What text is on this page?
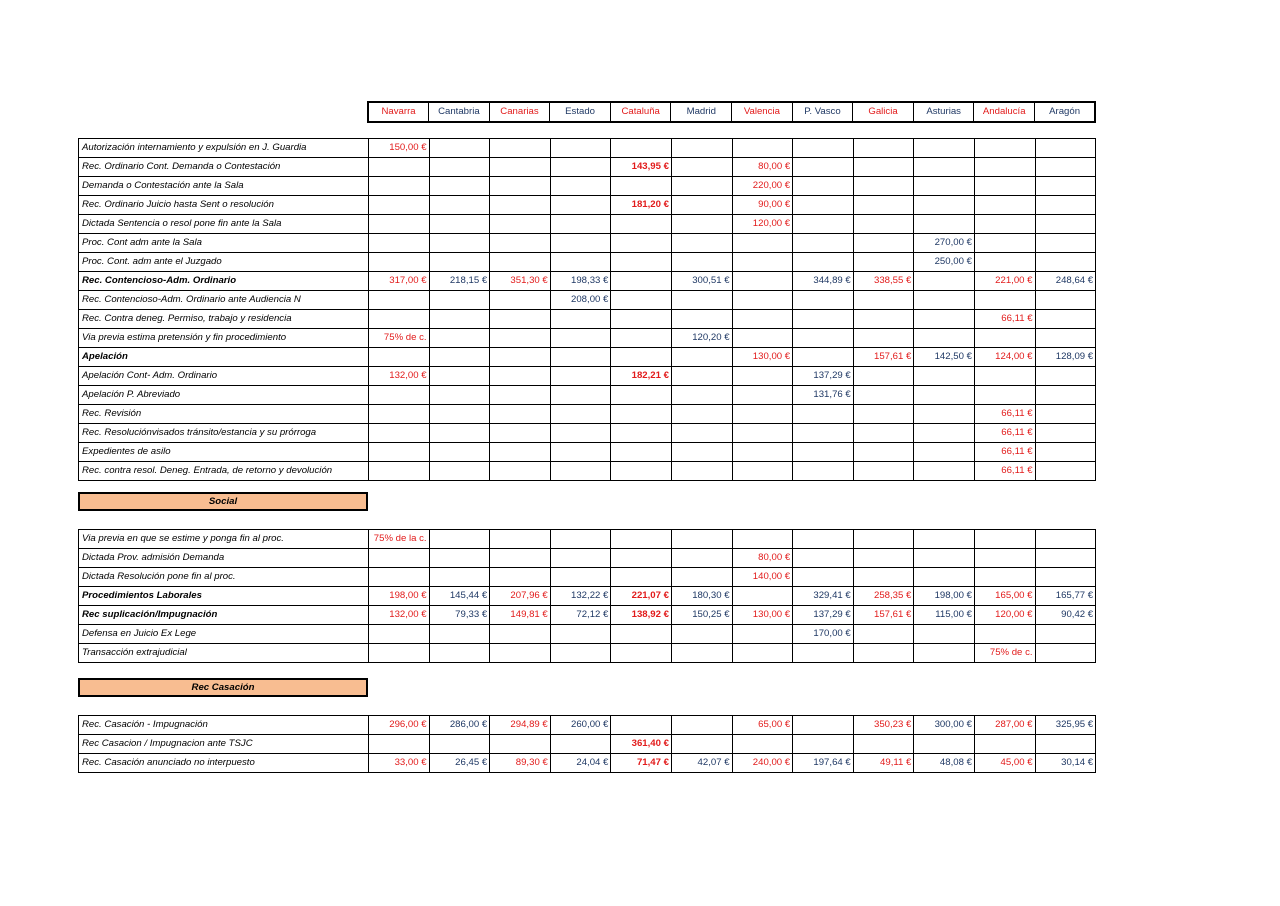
Navarra	Cantabria	Canarias	Estado	Cataluña	Madrid	Valencia	P. Vasco	Galicia	Asturias	Andalucía	Aragón
Autorización internamiento y expulsión en J. Guardia	150,00 €											
Rec. Ordinario Cont. Demanda o Contestación					143,95 €		80,00 €					
Demanda o Contestación ante la Sala							220,00 €					
Rec. Ordinario Juicio hasta Sent o resolución					181,20 €		90,00 €					
Dictada Sentencia o resol pone fin ante la Sala							120,00 €					
Proc. Cont adm ante la Sala										270,00 €		
Proc. Cont. adm ante el Juzgado										250,00 €		
Rec. Contencioso-Adm. Ordinario	317,00 €	218,15 €	351,30 €	198,33 €		300,51 €		344,89 €	338,55 €		221,00 €	248,64 €
Rec. Contencioso-Adm. Ordinario ante Audiencia N				208,00 €								
Rec. Contra deneg. Permiso, trabajo y residencia											66,11 €	
Via previa estima pretensión y fin procedimiento	75% de c.					120,20 €						
Apelación							130,00 €		157,61 €	142,50 €	124,00 €	128,09 €
Apelación Cont- Adm. Ordinario	132,00 €				182,21 €			137,29 €				
Apelación P. Abreviado								131,76 €				
Rec. Revisión											66,11 €	
Rec. Resoluciónvisados tránsito/estancia y su prórroga											66,11 €	
Expedientes de asilo											66,11 €	
Rec. contra resol. Deneg. Entrada, de retorno y devolución											66,11 €	
Social
Via previa en que se estime y ponga fin al proc.	75% de la c.											
Dictada Prov. admisión Demanda							80,00 €					
Dictada Resolución pone fin al proc.							140,00 €					
Procedimientos Laborales	198,00 €	145,44 €	207,96 €	132,22 €	221,07 €	180,30 €		329,41 €	258,35 €	198,00 €	165,00 €	165,77 €
Rec suplicación/Impugnación	132,00 €	79,33 €	149,81 €	72,12 €	138,92 €	150,25 €	130,00 €	137,29 €	157,61 €	115,00 €	120,00 €	90,42 €
Defensa en Juicio Ex Lege								170,00 €				
Transacción extrajudicial											75% de c.	
Rec Casación
Rec. Casación - Impugnación	296,00 €	286,00 €	294,89 €	260,00 €			65,00 €		350,23 €	300,00 €	287,00 €	325,95 €
Rec Casacion / Impugnacion ante TSJC					361,40 €							
Rec. Casación anunciado no interpuesto	33,00 €	26,45 €	89,30 €	24,04 €	71,47 €	42,07 €	240,00 €	197,64 €	49,11 €	48,08 €	45,00 €	30,14 €
